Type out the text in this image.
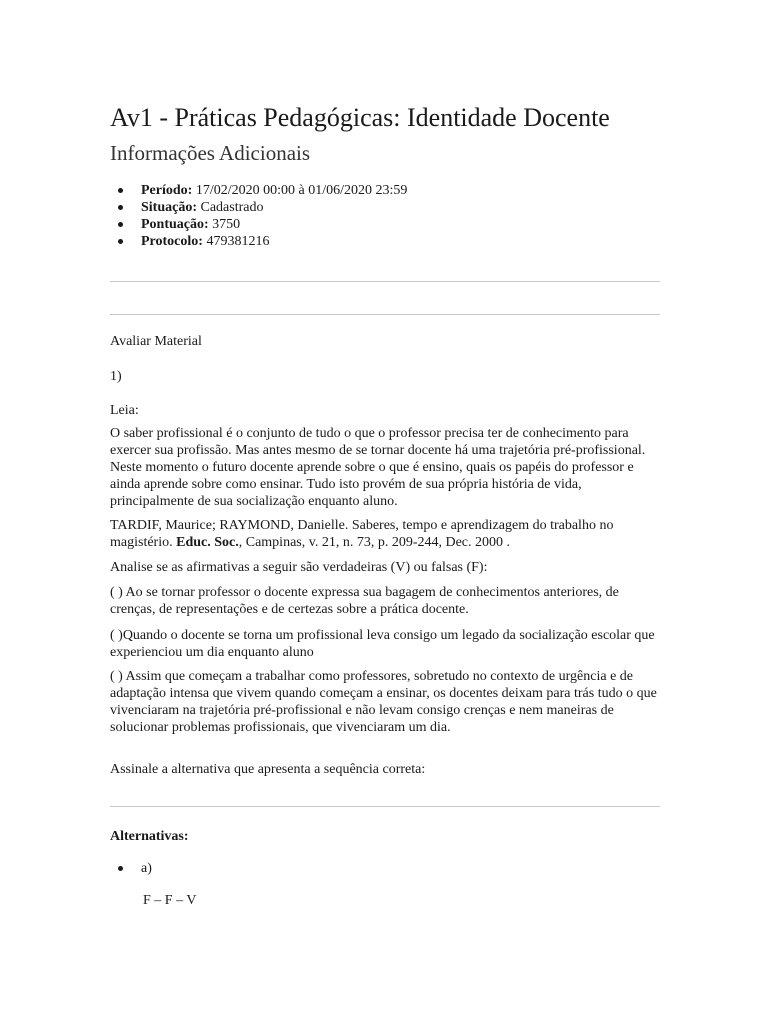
Av1 - Práticas Pedagógicas: Identidade Docente
Informações Adicionais
Período: 17/02/2020 00:00 à 01/06/2020 23:59
Situação: Cadastrado
Pontuação: 3750
Protocolo: 479381216

Avaliar Material

1)

Leia:

O saber profissional é o conjunto de tudo o que o professor precisa ter de conhecimento para exercer sua profissão. Mas antes mesmo de se tornar docente há uma trajetória pré-profissional. Neste momento o futuro docente aprende sobre o que é ensino, quais os papéis do professor e ainda aprende sobre como ensinar. Tudo isto provém de sua própria história de vida, principalmente de sua socialização enquanto aluno.

TARDIF, Maurice; RAYMOND, Danielle. Saberes, tempo e aprendizagem do trabalho no magistério. Educ. Soc., Campinas, v. 21, n. 73, p. 209-244, Dec. 2000 .

Analise se as afirmativas a seguir são verdadeiras (V) ou falsas (F):

( ) Ao se tornar professor o docente expressa sua bagagem de conhecimentos anteriores, de crenças, de representações e de certezas sobre a prática docente.

( )Quando o docente se torna um profissional leva consigo um legado da socialização escolar que experienciou um dia enquanto aluno

( ) Assim que começam a trabalhar como professores, sobretudo no contexto de urgência e de adaptação intensa que vivem quando começam a ensinar, os docentes deixam para trás tudo o que vivenciaram na trajetória pré-profissional e não levam consigo crenças e nem maneiras de solucionar problemas profissionais, que vivenciaram um dia.

Assinale a alternativa que apresenta a sequência correta:

Alternativas:

a)
F – F – V
